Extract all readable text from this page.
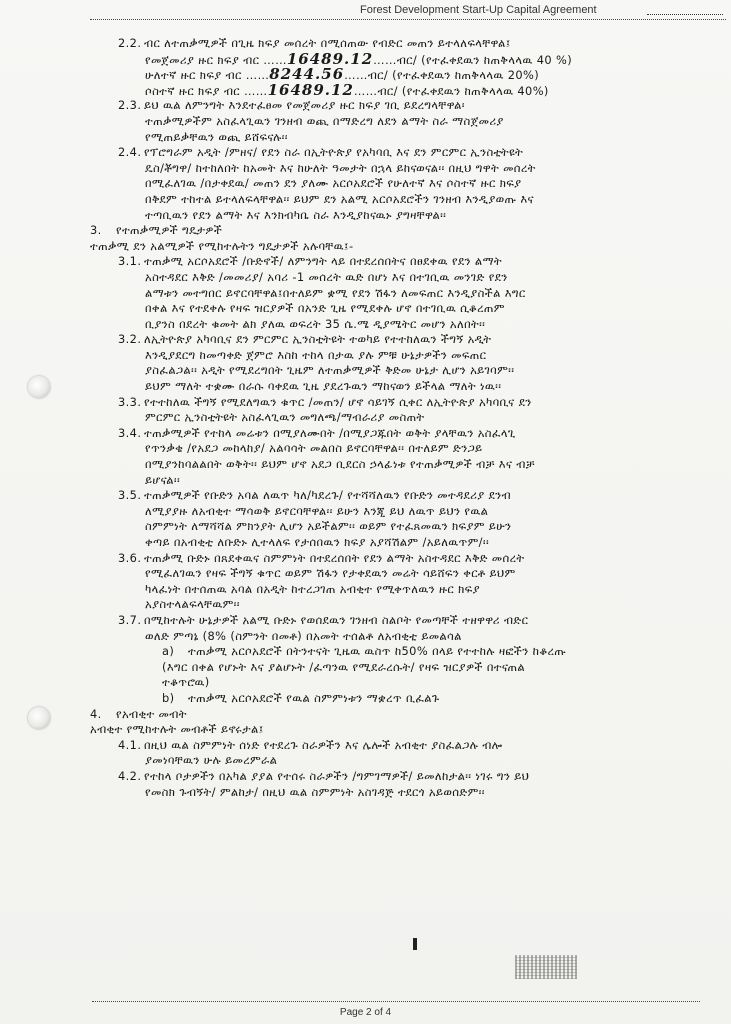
Forest Development Start-Up Capital Agreement
2.2. ብር ለተጠቃሚዎች በጊዜ ክፍያ መሰረት በሚሰጠው የብድር መጠን ይተላለፍላቸዋል፤
የመጀመሪያ ዙር ክፍያ ብር ……16489.12……ብር/ (የተፈቀደዉን ከጠቅላላዉ 40 %)
ሁለተኛ ዙር ክፍያ ብር ……8244.56……ብር/ (የተፈቀደዉን ከጠቅላላዉ 20%)
ሶስተኛ ዙር ክፍያ ብር ……16489.12……ብር/ (የተፈቀደዉን ከጠቅላላዉ 40%)
2.3. ይህ ዉል ለምንግት እንደተፈፀመ የመጀመሪያ ዙር ክፍያ ገቢ ይደረግላቸዋል፡
ተጠቃሚዎችም አስፈላጊዉን ገንዘብ ወጪ በማድረግ ለደን ልማት ስራ ማስጀመሪያ
የሚጠይቃቸዉን ወጪ ይሸፍናሉ፡፡
2.4. የፕሮግራም አዲት /ምዘና/ የደን ስራ በኢትዮጵያ የአካባቢ እና ደን ምርምር ኢንስቲትዩት
ዴስ/ቾግዋ/ ከተከለበት ከአመት እና ከሁለት ዓመታት በኋላ ይከናወናል፡፡ በዚህ ግዋት መሰረት
በሚፈለገዉ /በታቀደዉ/ መጠን ደን ያለሙ አርሶአደሮች የሁለተኛ እና ሶስተኛ ዙር ክፍያ
በቅደም ተከተል ይተላለፍላቸዋል፡፡ ይህም ደን አልሚ አርሶአደሮችን ገንዘብ እንዲያወጡ እና
ተጣቢዉን የደን ልማት እና እንክብካቤ ስራ እንዲያከናዉኑ ያግዛቸዋል፡፡
3. የተጠቃሚዎች ግዴታዎች
ተጠቃሚ ደን አልሚዎች የሚከተሉትን ግዴታዎች አሉባቸዉ፤-
3.1. ተጠቃሚ አርሶአደሮች /ቡድኖች/ ለምንግት ላይ በተደረሰበትና በፀደቀዉ የደን ልማት
አስተዳደር እቅድ /መመሪያ/ አባሪ -1 መሰረት ዉድ በሆነ እና በተገቢዉ መንገድ የደን
ልማቱን መተግበር ይኖርባቸዋል፤በተለይም ቋሚ የደን ሽፋን ለመፍጠር እንዲያስችል እግር
በቀል እና የተደቀሉ የዛፍ ዝርያዎች በአንድ ጊዜ የሚደቀሉ ሆኖ በተገቢዉ ሲቆረጠም
ቢያንስ በደረት ቁመት ልክ ያለዉ ወፍረት 35 ሴ.ሜ ዲያሜትር መሆን አለበት፡፡
3.2. ለኢትዮጵያ አካባቢና ደን ምርምር ኢንስቲትዩት ተወካይ የተተከለዉን ችግኝ አዲት
እንዲያደርግ ከመጣቀድ ጀምሮ እስከ ተከላ በታዉ ያሉ ምቹ ሁኔታዎችን መፍጠር
ያስፈልጋል፡፡ አዲት የሚደረግበት ጊዜም ለተጠቃሚዎች ቅድመ ሁኔታ ሊሆን አይገባም፡፡
ይህም ማለት ተቋሙ በራሱ ባቀደዉ ጊዜ ያደረጉዉን ማከናወን ይችላል ማለት ነዉ፡፡
3.3. የተተከለዉ ችግኝ የሚደለግዉን ቁጥር /መጠን/ ሆኖ ሳይገኝ ሲቀር ለኢትዮጵያ አካባቢና ደን
ምርምር ኢንስቲትዩት አስፈላጊዉን መግለጫ/ማብራሪያ መስጠት
3.4. ተጠቃሚዎች የተከላ መሬቱን በሚያለሙበት /በሚያጋጁበት ወቅት ያላቸዉን አስፈላጊ
የጥንቃቄ /የአደጋ መከላከያ/ አልባሳት መልበስ ይኖርባቸዋል፡፡ በተለይም ድንጋይ
በሚያንከባልልበት ወቅት፡፡ ይህም ሆኖ አደጋ ቢደርስ ኃላፊነቱ የተጠቃሚዎች ብቻ እና ብቻ
ይሆናል፡፡
3.5. ተጠቃሚዎች የቡድን አባል ለዉጥ ካለ/ካደረጉ/ የተሻሻለዉን የቡድን መተዳደሪያ ደንብ
ለሚያያዙ ለአብቂተ ማሳወቅ ይኖርባቸዋል፡፡ ይሁን እንጂ ይህ ለዉጥ ይህን የዉል
ስምምነት ለማሻሻል ምክንያት ሊሆን አይችልም፡፡ ወይም የተፈጸመዉን ክፍያም ይሁን
ቀጣይ በአብቂቲ ለቡድኑ ሊተላለፍ የታሰበዉን ክፍያ አያሻሽልም /አይለዉጥም/፡፡
3.6. ተጠቃሚ ቡድኑ በጸደቀዉና ስምምነት በተደረሰበት የደን ልማት አስተዳደር እቅድ መሰረት
የሚፈለገዉን የዛፍ ችግኝ ቁጥር ወይም ሽፋን የታቀደዉን መሬት ሳይሸፍን ቀርቶ ይህም
ካላፈነት በተሰጠዉ አባል በአዲት ከተረጋገጠ አብቂተ የሚቀጥለዉን ዙር ክፍያ
አያስተላልፍላቸዉም፡፡
3.7. በሚከተሉት ሁኔታዎች አልሚ ቡድኑ የወሰደዉን ገንዘብ ስልቦት የመጣቸች ተዘዋዋሪ ብድር
ወለድ ምጣኔ (8% (ስምንት በመቶ) በአመት ተሰልቶ ለአብቂቲ ይመልሳል
a) ተጠቃሚ አርሶአደሮች በትንተናት ጊዜዉ ዉስጥ ከ50% በላይ የተተከሉ ዛፎችን ከቆረጡ
(እግር በቀል የሆኑት እና ያልሆኑት /ፈጣንዉ የሚደራረሱት/ የዛፍ ዝርያዎች በተናጠል
ተቆጥሮዉ)
b) ተጠቃሚ አርሶአደሮች የዉል ስምምነቱን ማቋረጥ ቢፈልጉ
4. የአብቂተ መብት
አብቂተ የሚከተሉት መብቶች ይኖሩታል፤
4.1. በዚህ ዉል ስምምነት ሰነድ የተደረጉ ስራዎችን እና ሌሎች አብቂተ ያስፈልጋሉ ብሎ
ያመነባቸዉን ሁሉ ይመረምራል
4.2. የተከላ ቦታዎችን በአካል ያያል የተሰሩ ስራዎችን /ግምገማዎች/ ይመለከታል፡፡ ነገሩ ግን ይህ
የመስክ ጉብኝት/ ምልከታ/ በዚህ ዉል ስምምነት አስገዳጅ ተደርጎ አይወሰድም፡፡
Page 2 of 4
